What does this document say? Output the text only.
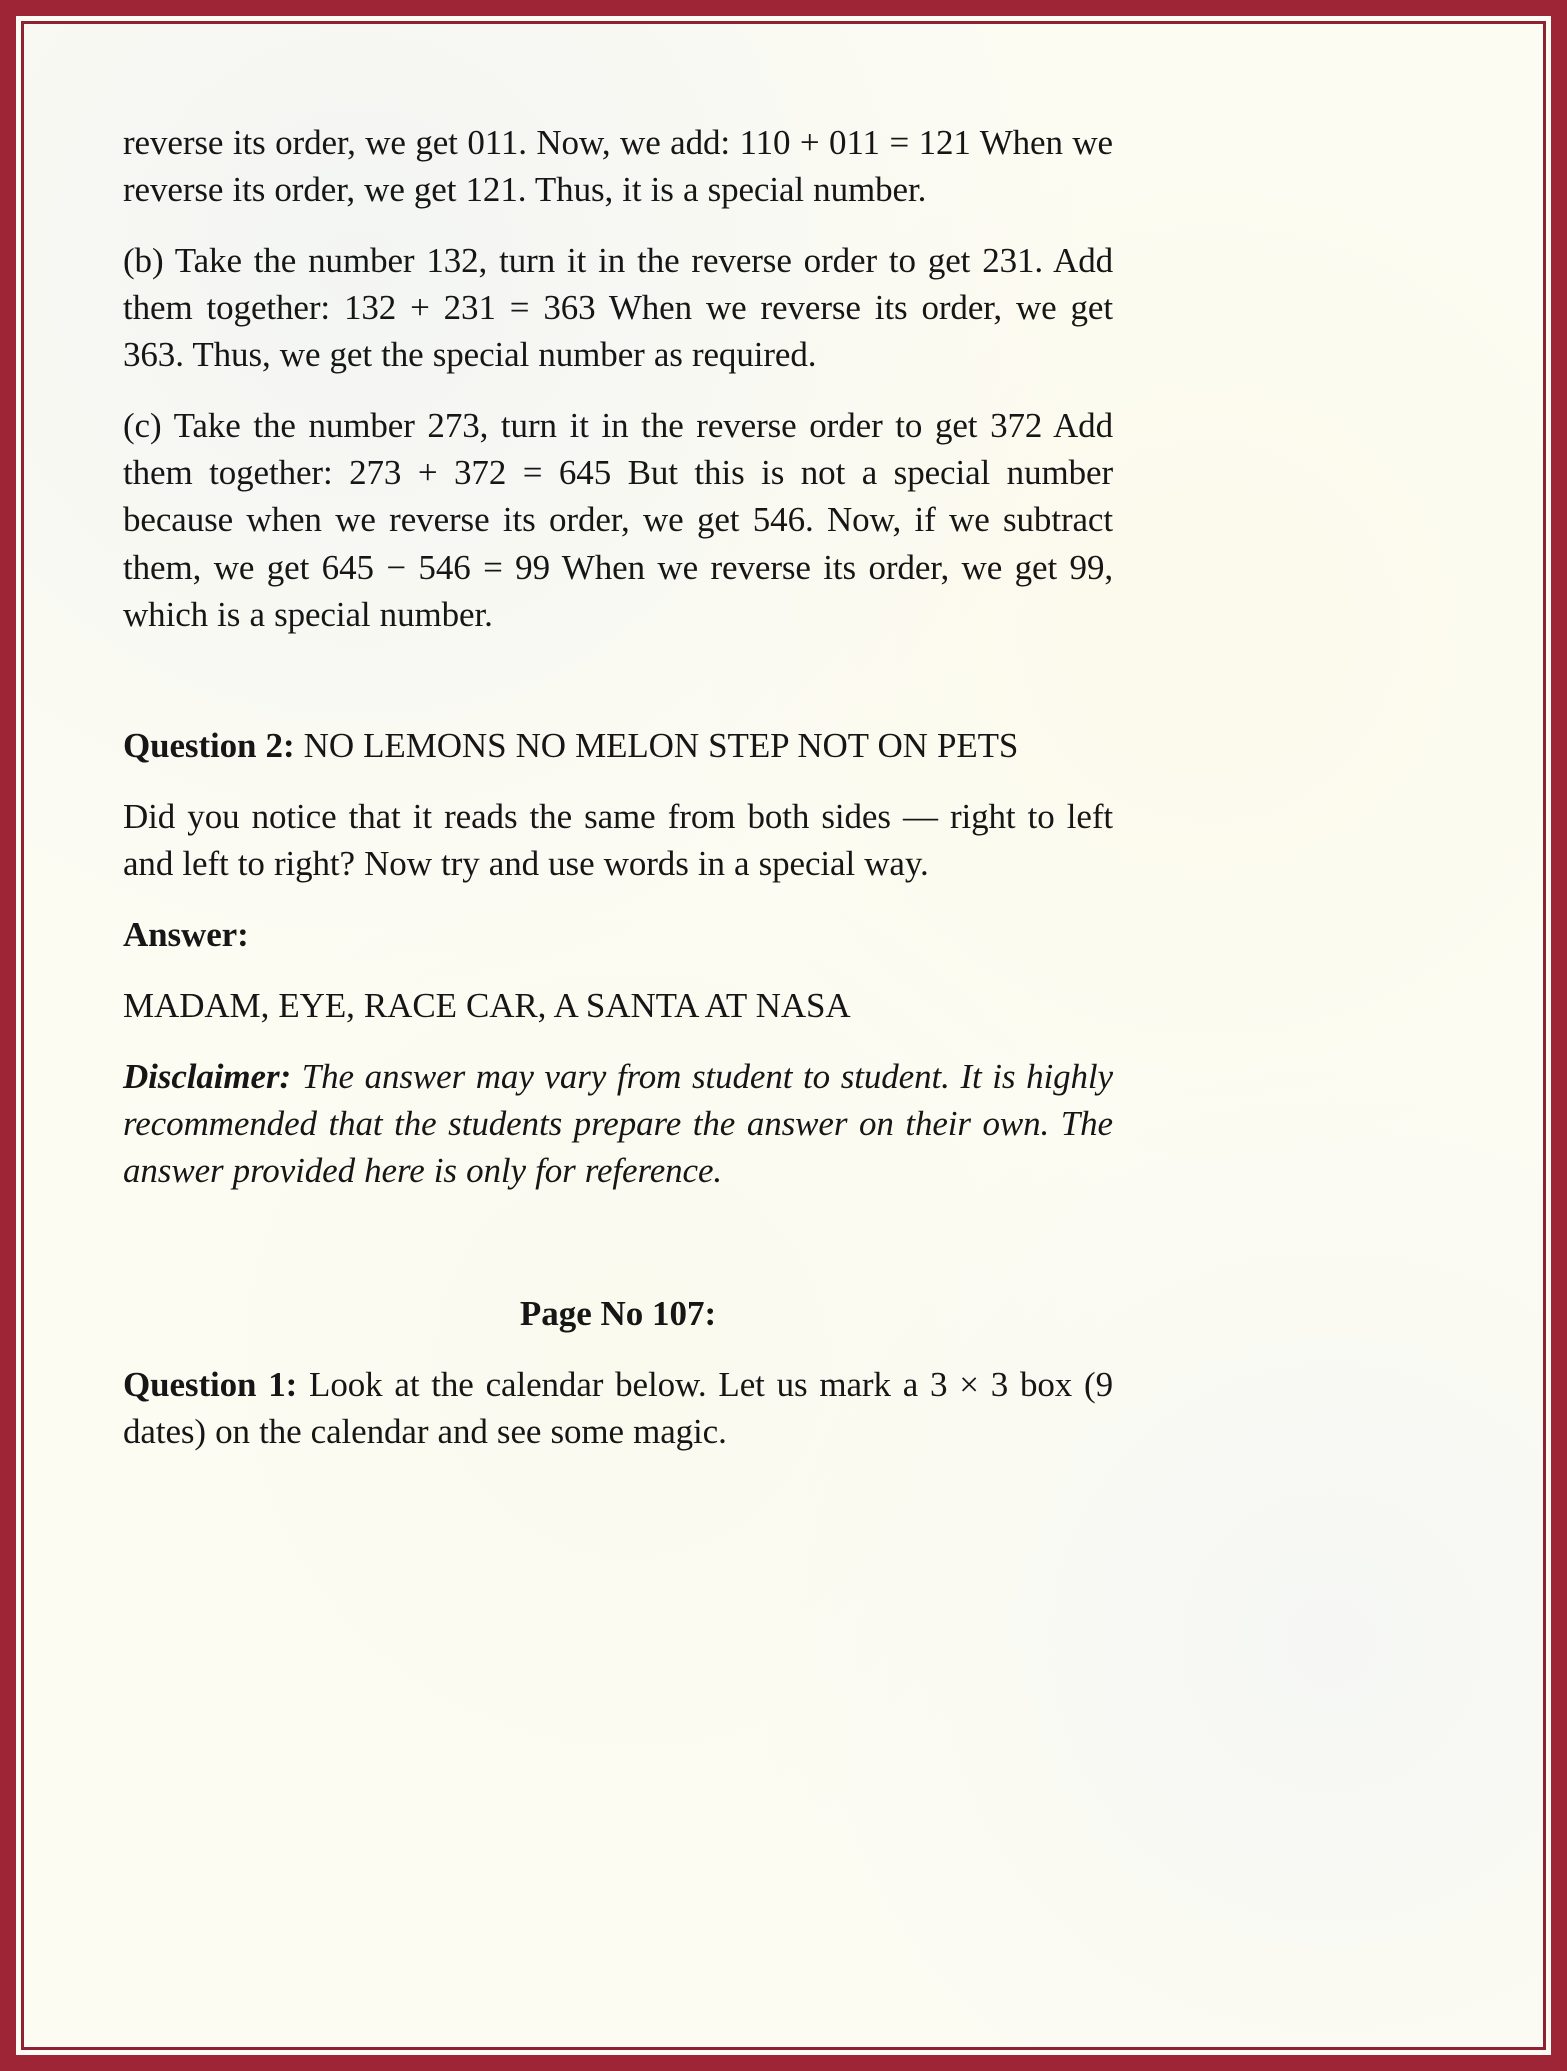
reverse its order, we get 011. Now, we add: 110 + 011 = 121 When we reverse its order, we get 121. Thus, it is a special number.

(b) Take the number 132, turn it in the reverse order to get 231. Add them together: 132 + 231 = 363 When we reverse its order, we get 363. Thus, we get the special number as required.

(c) Take the number 273, turn it in the reverse order to get 372 Add them together: 273 + 372 = 645 But this is not a special number because when we reverse its order, we get 546. Now, if we subtract them, we get 645 − 546 = 99 When we reverse its order, we get 99, which is a special number.

Question 2: NO LEMONS NO MELON STEP NOT ON PETS

Did you notice that it reads the same from both sides — right to left and left to right? Now try and use words in a special way.

Answer:

MADAM, EYE, RACE CAR, A SANTA AT NASA

Disclaimer: The answer may vary from student to student. It is highly recommended that the students prepare the answer on their own. The answer provided here is only for reference.

Page No 107:

Question 1: Look at the calendar below. Let us mark a 3 × 3 box (9 dates) on the calendar and see some magic.
